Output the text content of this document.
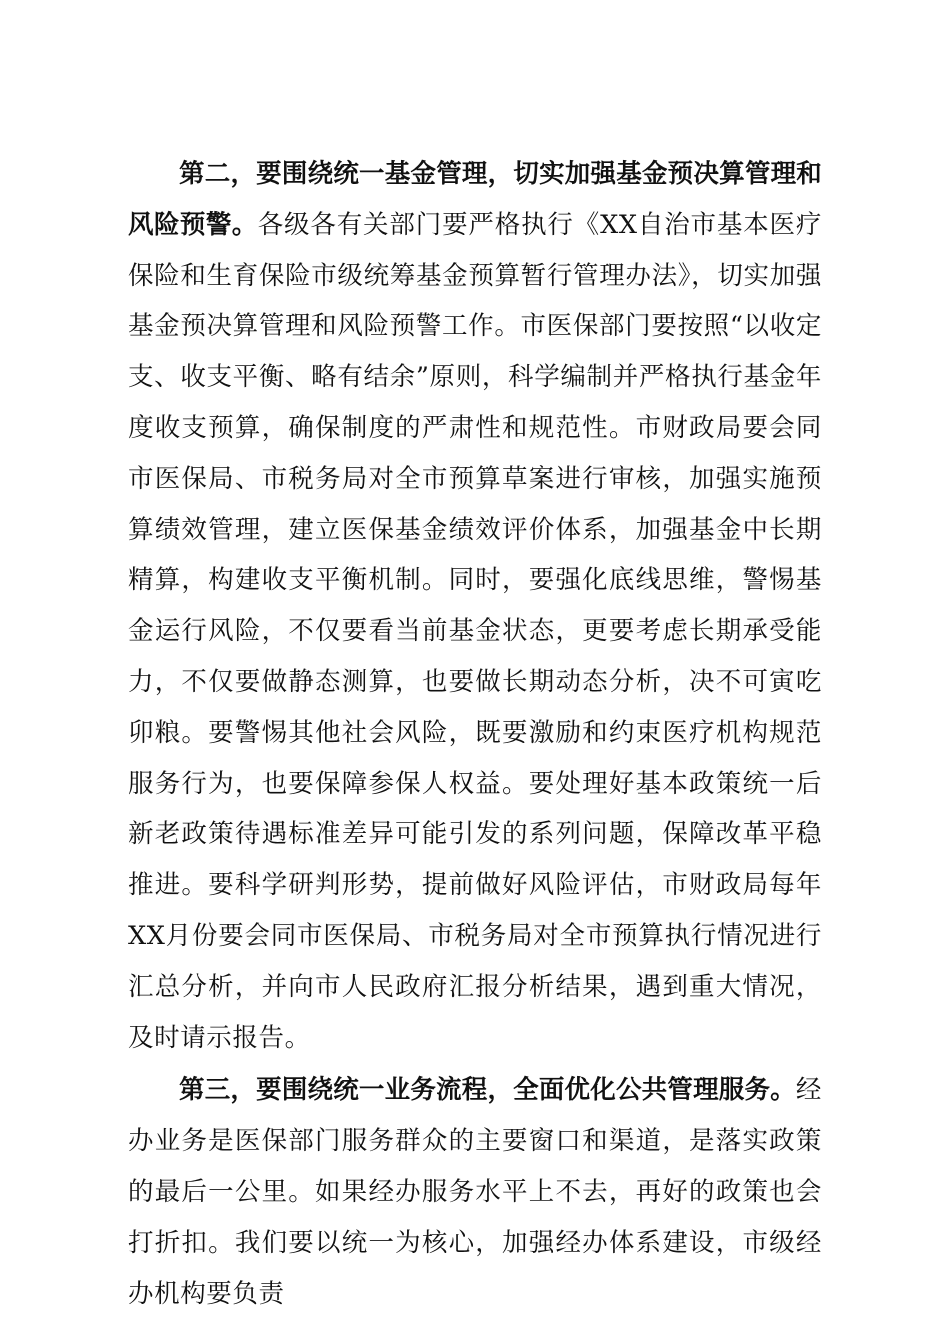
第二，要围绕统一基金管理，切实加强基金预决算管理和风险预警。各级各有关部门要严格执行《XX自治市基本医疗保险和生育保险市级统筹基金预算暂行管理办法》，切实加强基金预决算管理和风险预警工作。市医保部门要按照“以收定支、收支平衡、略有结余”原则，科学编制并严格执行基金年度收支预算，确保制度的严肃性和规范性。市财政局要会同市医保局、市税务局对全市预算草案进行审核，加强实施预算绩效管理，建立医保基金绩效评价体系，加强基金中长期精算，构建收支平衡机制。同时，要强化底线思维，警惕基金运行风险，不仅要看当前基金状态，更要考虑长期承受能力，不仅要做静态测算，也要做长期动态分析，决不可寅吃卯粮。要警惕其他社会风险，既要激励和约束医疗机构规范服务行为，也要保障参保人权益。要处理好基本政策统一后新老政策待遇标准差异可能引发的系列问题，保障改革平稳推进。要科学研判形势，提前做好风险评估，市财政局每年XX月份要会同市医保局、市税务局对全市预算执行情况进行汇总分析，并向市人民政府汇报分析结果，遇到重大情况，及时请示报告。

第三，要围绕统一业务流程，全面优化公共管理服务。经办业务是医保部门服务群众的主要窗口和渠道，是落实政策的最后一公里。如果经办服务水平上不去，再好的政策也会打折扣。我们要以统一为核心，加强经办体系建设，市级经办机构要负责
